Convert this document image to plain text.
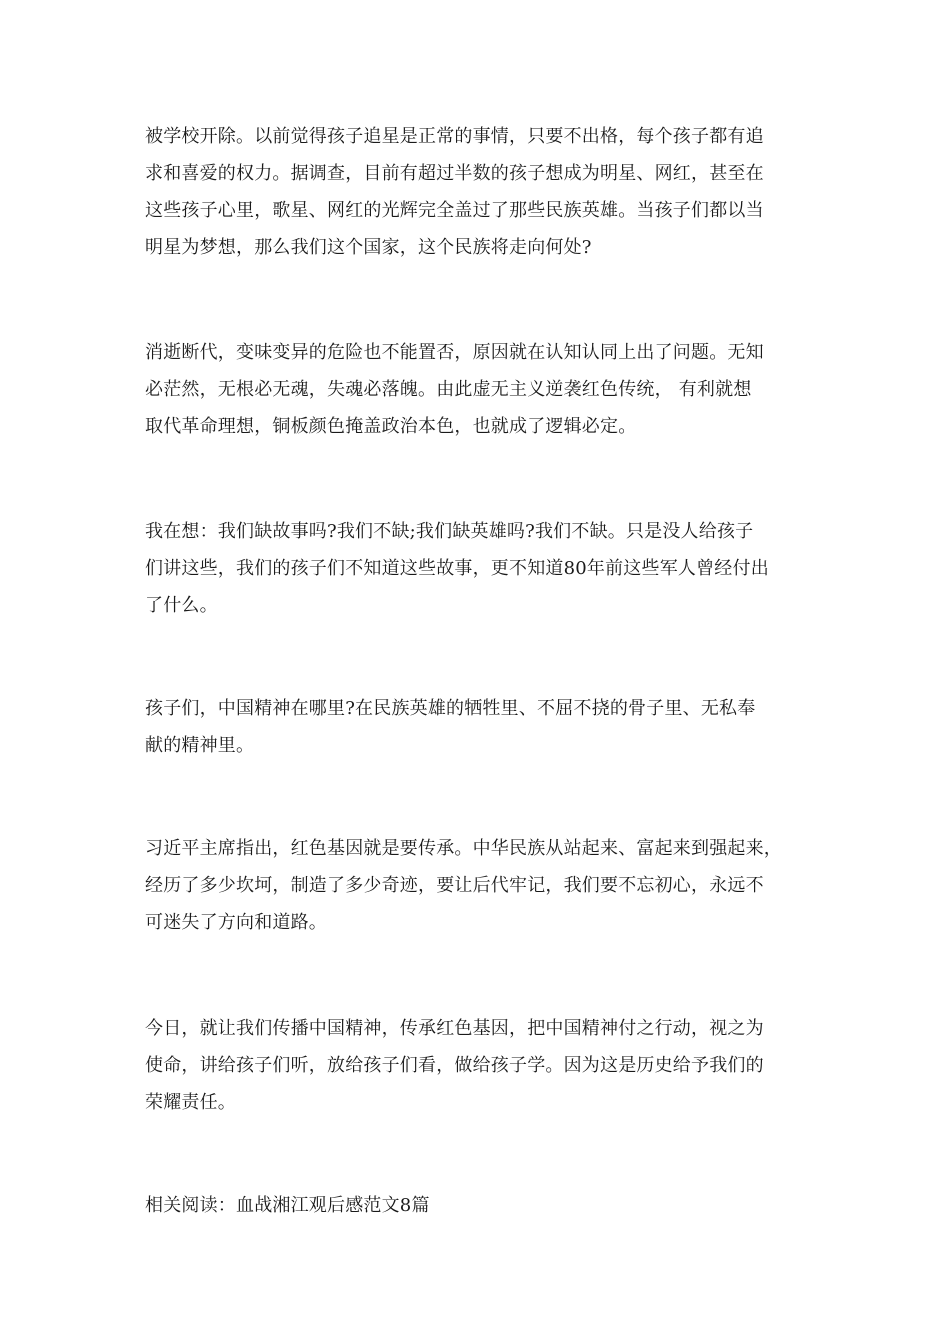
被学校开除。以前觉得孩子追星是正常的事情，只要不出格，每个孩子都有追
求和喜爱的权力。据调查，目前有超过半数的孩子想成为明星、网红，甚至在
这些孩子心里，歌星、网红的光辉完全盖过了那些民族英雄。当孩子们都以当
明星为梦想，那么我们这个国家，这个民族将走向何处?
消逝断代，变味变异的危险也不能置否，原因就在认知认同上出了问题。无知
必茫然，无根必无魂，失魂必落魄。由此虚无主义逆袭红色传统， 有利就想
取代革命理想，铜板颜色掩盖政治本色，也就成了逻辑必定。
我在想：我们缺故事吗?我们不缺;我们缺英雄吗?我们不缺。只是没人给孩子
们讲这些，我们的孩子们不知道这些故事，更不知道80年前这些军人曾经付出
了什么。
孩子们，中国精神在哪里?在民族英雄的牺牲里、不屈不挠的骨子里、无私奉
献的精神里。
习近平主席指出，红色基因就是要传承。中华民族从站起来、富起来到强起来，
经历了多少坎坷，制造了多少奇迹，要让后代牢记，我们要不忘初心，永远不
可迷失了方向和道路。
今日，就让我们传播中国精神，传承红色基因，把中国精神付之行动，视之为
使命，讲给孩子们听，放给孩子们看，做给孩子学。因为这是历史给予我们的
荣耀责任。
相关阅读：血战湘江观后感范文8篇
